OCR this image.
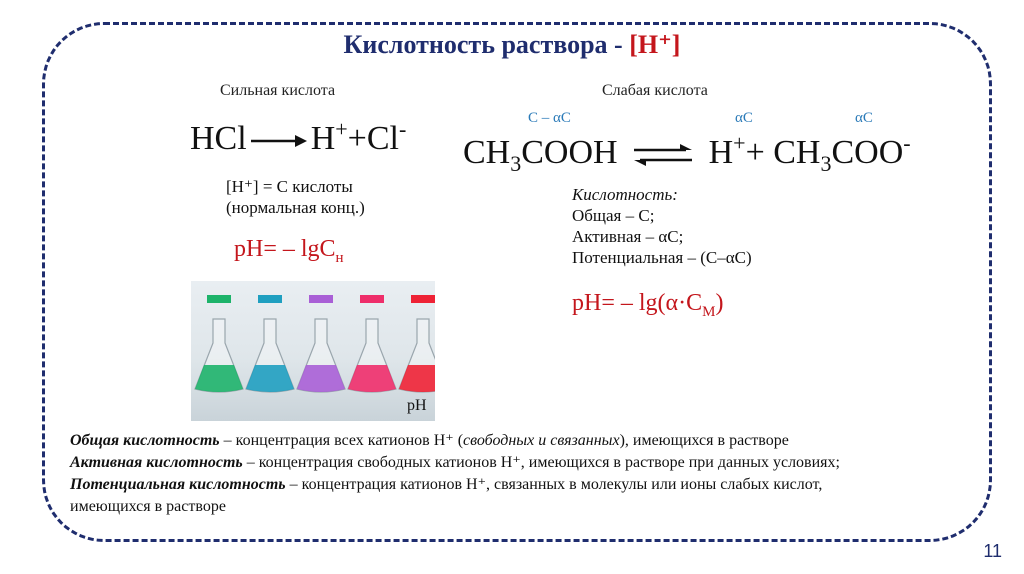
Кислотность раствора - [H⁺]
Сильная кислота
HCl → H++Cl-
[H⁺] = C кислоты
(нормальная конц.)
pH= – lgC$_н$
Слабая кислота
C – αC	αC	αC
$CH_3COOH$ ⇌ $H^++ CH_3COO^-$
Кислотность:
Общая – C;
Активная – αC;
Потенциальная – (C–αC)
$pH= - \lg(\alpha\cdot C_M)$
pH
Общая кислотность – концентрация всех катионов H⁺ (свободных и связанных), имеющихся в растворе
Активная кислотность – концентрация свободных катионов H⁺, имеющихся в растворе при данных условиях;
Потенциальная кислотность – концентрация катионов H⁺, связанных в молекулы или ионы слабых кислот,
имеющихся в растворе
11
